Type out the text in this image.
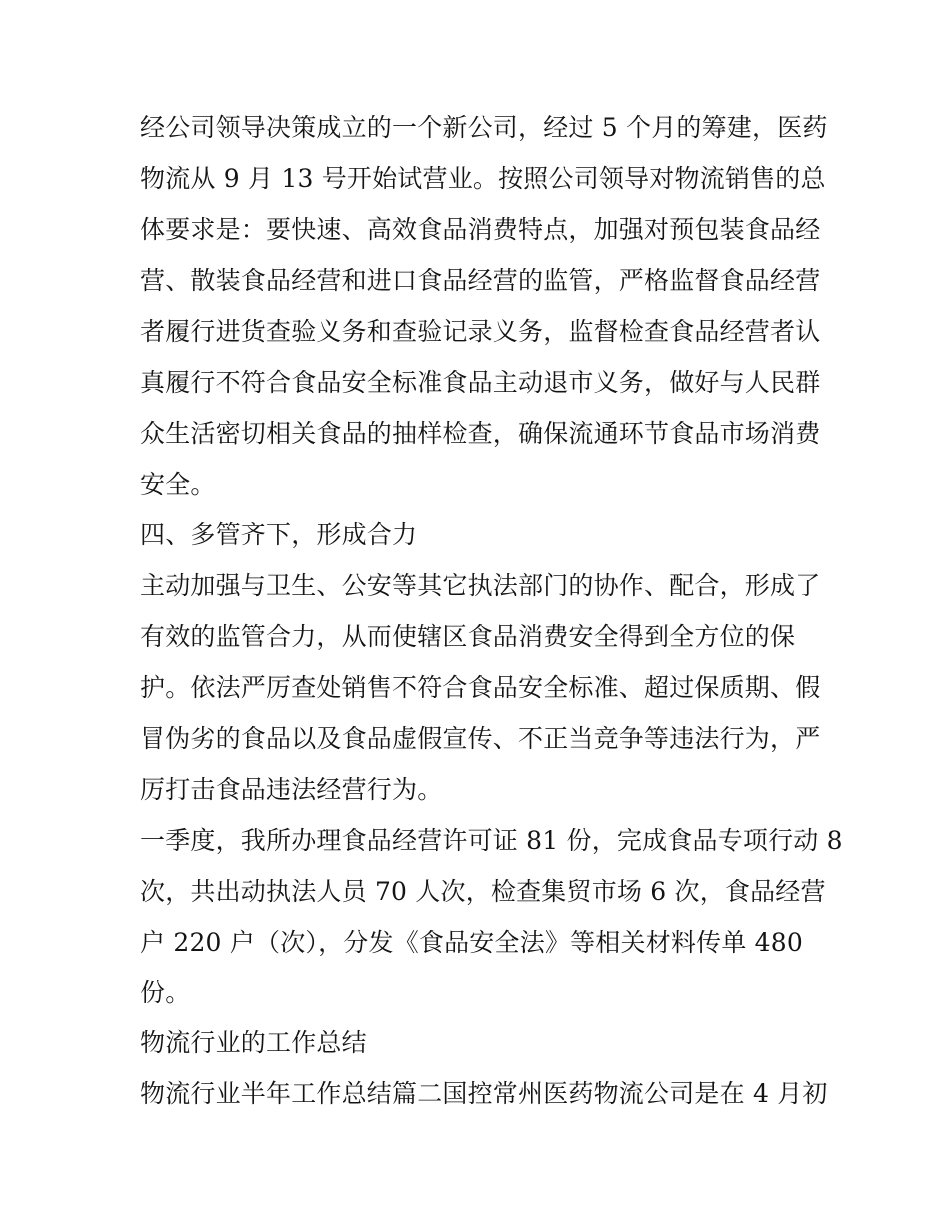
经公司领导决策成立的一个新公司，经过 5 个月的筹建，医药
物流从 9 月 13 号开始试营业。按照公司领导对物流销售的总
体要求是：要快速、高效食品消费特点，加强对预包装食品经
营、散装食品经营和进口食品经营的监管，严格监督食品经营
者履行进货查验义务和查验记录义务，监督检查食品经营者认
真履行不符合食品安全标准食品主动退市义务，做好与人民群
众生活密切相关食品的抽样检查，确保流通环节食品市场消费
安全。
四、多管齐下，形成合力
主动加强与卫生、公安等其它执法部门的协作、配合，形成了
有效的监管合力，从而使辖区食品消费安全得到全方位的保
护。依法严厉查处销售不符合食品安全标准、超过保质期、假
冒伪劣的食品以及食品虚假宣传、不正当竞争等违法行为，严
厉打击食品违法经营行为。
一季度，我所办理食品经营许可证 81 份，完成食品专项行动 8
次，共出动执法人员 70 人次，检查集贸市场 6 次，食品经营
户 220 户（次），分发《食品安全法》等相关材料传单 480
份。
物流行业的工作总结
物流行业半年工作总结篇二国控常州医药物流公司是在 4 月初
